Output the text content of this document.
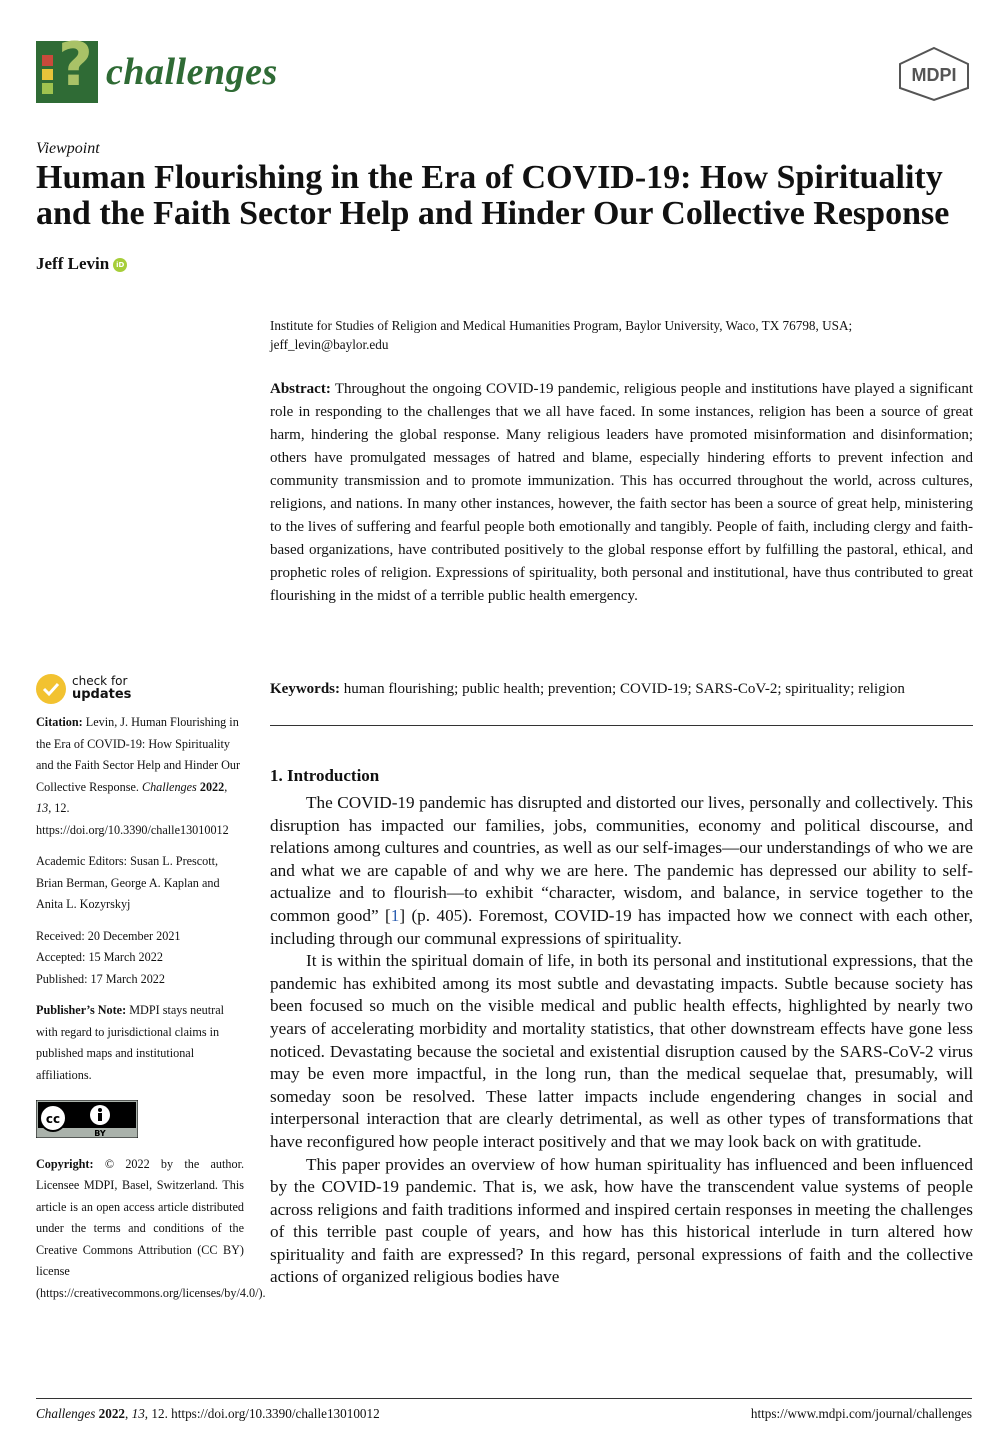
? challenges	MDPI
Viewpoint
Human Flourishing in the Era of COVID-19: How Spirituality and the Faith Sector Help and Hinder Our Collective Response
Jeff Levin iD
Institute for Studies of Religion and Medical Humanities Program, Baylor University, Waco, TX 76798, USA; jeff_levin@baylor.edu
Abstract: Throughout the ongoing COVID-19 pandemic, religious people and institutions have played a significant role in responding to the challenges that we all have faced. In some instances, religion has been a source of great harm, hindering the global response. Many religious leaders have promoted misinformation and disinformation; others have promulgated messages of hatred and blame, especially hindering efforts to prevent infection and community transmission and to promote immunization. This has occurred throughout the world, across cultures, religions, and nations. In many other instances, however, the faith sector has been a source of great help, ministering to the lives of suffering and fearful people both emotionally and tangibly. People of faith, including clergy and faith-based organizations, have contributed positively to the global response effort by fulfilling the pastoral, ethical, and prophetic roles of religion. Expressions of spirituality, both personal and institutional, have thus contributed to great flourishing in the midst of a terrible public health emergency.
Keywords: human flourishing; public health; prevention; COVID-19; SARS-CoV-2; spirituality; religion
1. Introduction

The COVID-19 pandemic has disrupted and distorted our lives, personally and collectively. This disruption has impacted our families, jobs, communities, economy and political discourse, and relations among cultures and countries, as well as our self-images—our understandings of who we are and what we are capable of and why we are here. The pandemic has depressed our ability to self-actualize and to flourish—to exhibit “character, wisdom, and balance, in service together to the common good” [1] (p. 405). Foremost, COVID-19 has impacted how we connect with each other, including through our communal expressions of spirituality.

It is within the spiritual domain of life, in both its personal and institutional expressions, that the pandemic has exhibited among its most subtle and devastating impacts. Subtle because society has been focused so much on the visible medical and public health effects, highlighted by nearly two years of accelerating morbidity and mortality statistics, that other downstream effects have gone less noticed. Devastating because the societal and existential disruption caused by the SARS-CoV-2 virus may be even more impactful, in the long run, than the medical sequelae that, presumably, will someday soon be resolved. These latter impacts include engendering changes in social and interpersonal interaction that are clearly detrimental, as well as other types of transformations that have reconfigured how people interact positively and that we may look back on with gratitude.

This paper provides an overview of how human spirituality has influenced and been influenced by the COVID-19 pandemic. That is, we ask, how have the transcendent value systems of people across religions and faith traditions informed and inspired certain responses in meeting the challenges of this terrible past couple of years, and how has this historical interlude in turn altered how spirituality and faith are expressed? In this regard, personal expressions of faith and the collective actions of organized religious bodies have

check for
updates
Citation: Levin, J. Human Flourishing in the Era of COVID-19: How Spirituality and the Faith Sector Help and Hinder Our Collective Response. Challenges 2022, 13, 12. https://doi.org/10.3390/challe13010012
Academic Editors: Susan L. Prescott, Brian Berman, George A. Kaplan and Anita L. Kozyrskyj
Received: 20 December 2021
Accepted: 15 March 2022
Published: 17 March 2022
Publisher’s Note: MDPI stays neutral with regard to jurisdictional claims in published maps and institutional affiliations.
cc
BY
Copyright: © 2022 by the author. Licensee MDPI, Basel, Switzerland. This article is an open access article distributed under the terms and conditions of the Creative Commons Attribution (CC BY) license (https://creativecommons.org/licenses/by/4.0/).
Challenges 2022, 13, 12. https://doi.org/10.3390/challe13010012	https://www.mdpi.com/journal/challenges
